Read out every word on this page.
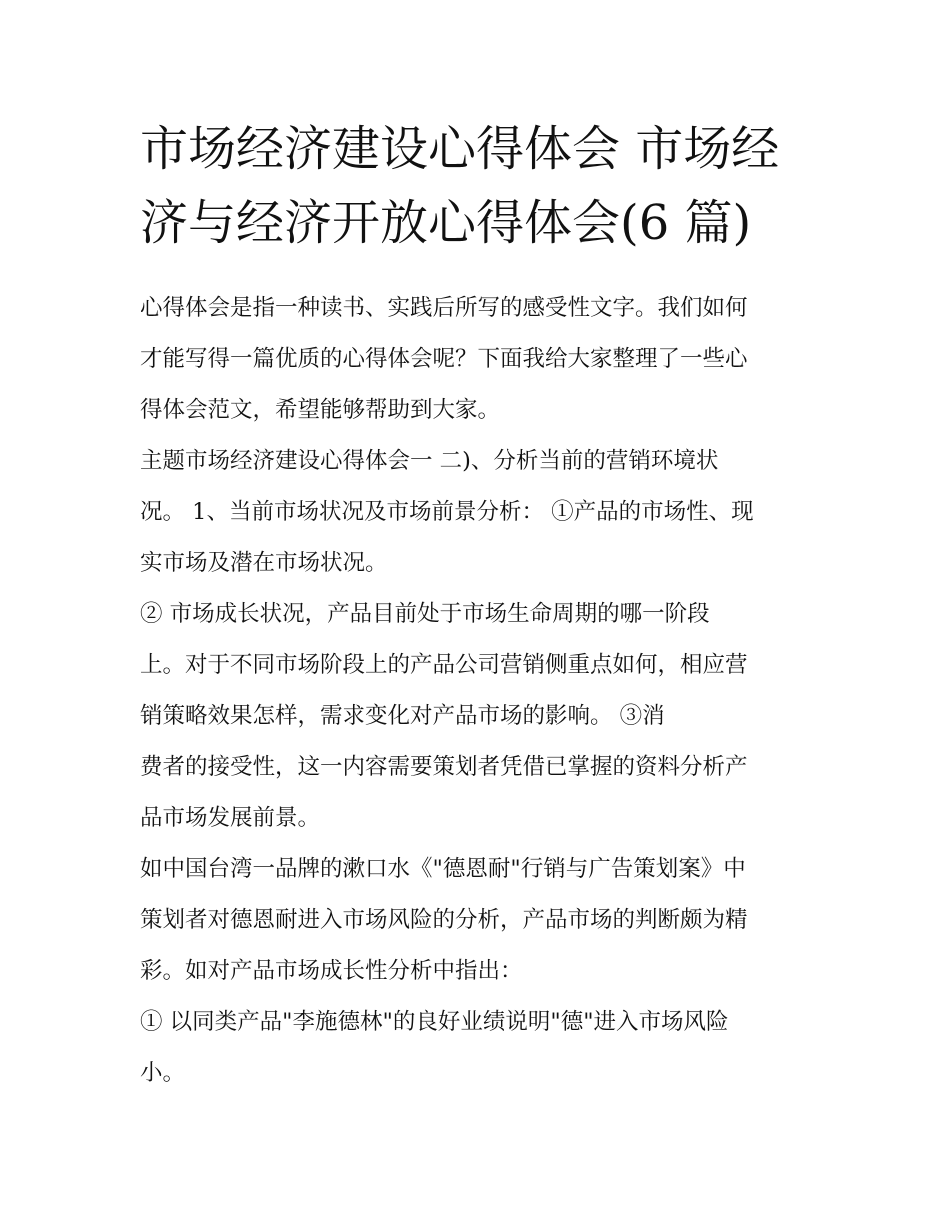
市场经济建设心得体会 市场经
济与经济开放心得体会(6 篇)
心得体会是指一种读书、实践后所写的感受性文字。我们如何
才能写得一篇优质的心得体会呢？下面我给大家整理了一些心
得体会范文，希望能够帮助到大家。
主题市场经济建设心得体会一 二)、分析当前的营销环境状
况。 1、当前市场状况及市场前景分析： ①产品的市场性、现
实市场及潜在市场状况。
② 市场成长状况，产品目前处于市场生命周期的哪一阶段
上。对于不同市场阶段上的产品公司营销侧重点如何，相应营
销策略效果怎样，需求变化对产品市场的影响。 ③消
费者的接受性，这一内容需要策划者凭借已掌握的资料分析产
品市场发展前景。
如中国台湾一品牌的漱口水《"德恩耐"行销与广告策划案》中
策划者对德恩耐进入市场风险的分析，产品市场的判断颇为精
彩。如对产品市场成长性分析中指出：
① 以同类产品"李施德林"的良好业绩说明"德"进入市场风险
小。
